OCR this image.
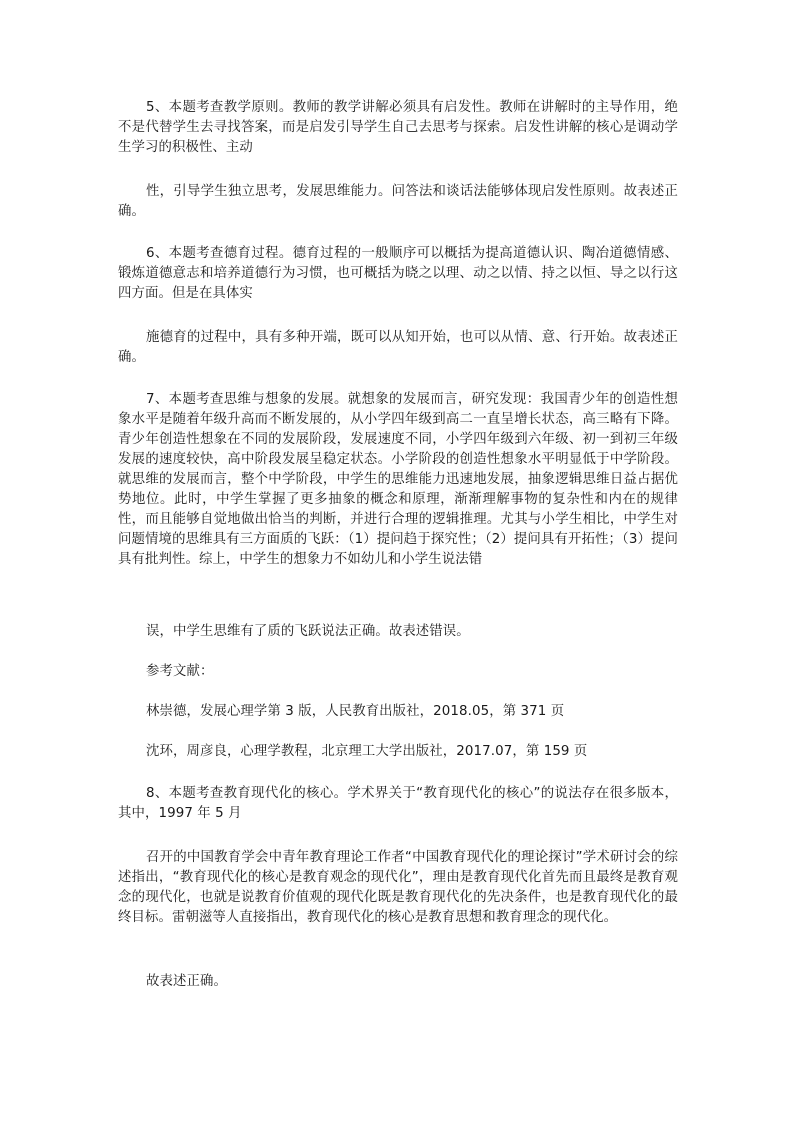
5、本题考查教学原则。教师的教学讲解必须具有启发性。教师在讲解时的主导作用，绝不是代替学生去寻找答案，而是启发引导学生自己去思考与探索。启发性讲解的核心是调动学生学习的积极性、主动

性，引导学生独立思考，发展思维能力。问答法和谈话法能够体现启发性原则。故表述正确。

6、本题考查德育过程。德育过程的一般顺序可以概括为提高道德认识、陶冶道德情感、锻炼道德意志和培养道德行为习惯，也可概括为晓之以理、动之以情、持之以恒、导之以行这四方面。但是在具体实

施德育的过程中，具有多种开端，既可以从知开始，也可以从情、意、行开始。故表述正确。

7、本题考查思维与想象的发展。就想象的发展而言，研究发现：我国青少年的创造性想象水平是随着年级升高而不断发展的，从小学四年级到高二一直呈增长状态，高三略有下降。青少年创造性想象在不同的发展阶段，发展速度不同，小学四年级到六年级、初一到初三年级发展的速度较快，高中阶段发展呈稳定状态。小学阶段的创造性想象水平明显低于中学阶段。就思维的发展而言，整个中学阶段，中学生的思维能力迅速地发展，抽象逻辑思维日益占据优势地位。此时，中学生掌握了更多抽象的概念和原理，渐渐理解事物的复杂性和内在的规律性，而且能够自觉地做出恰当的判断，并进行合理的逻辑推理。尤其与小学生相比，中学生对问题情境的思维具有三方面质的飞跃：（1）提问趋于探究性；（2）提问具有开拓性；（3）提问具有批判性。综上，中学生的想象力不如幼儿和小学生说法错

误，中学生思维有了质的飞跃说法正确。故表述错误。

参考文献：

林崇德，发展心理学第 3 版，人民教育出版社，2018.05，第 371 页

沈环，周彦良，心理学教程，北京理工大学出版社，2017.07，第 159 页

8、本题考查教育现代化的核心。学术界关于“教育现代化的核心”的说法存在很多版本，其中，1997 年 5 月

召开的中国教育学会中青年教育理论工作者“中国教育现代化的理论探讨”学术研讨会的综述指出，“教育现代化的核心是教育观念的现代化”，理由是教育现代化首先而且最终是教育观念的现代化，也就是说教育价值观的现代化既是教育现代化的先决条件，也是教育现代化的最终目标。雷朝滋等人直接指出，教育现代化的核心是教育思想和教育理念的现代化。

故表述正确。
